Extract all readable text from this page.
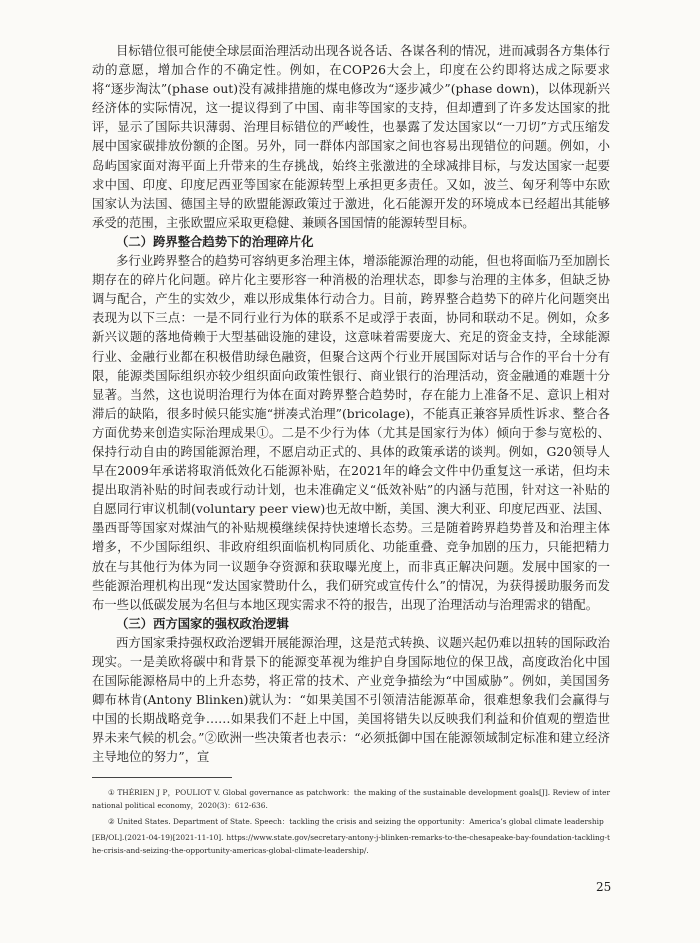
目标错位很可能使全球层面治理活动出现各说各话、各谋各利的情况，进而减弱各方集体行动的意愿，增加合作的不确定性。例如，在COP26大会上，印度在公约即将达成之际要求将“逐步淘汰”(phase out)没有减排措施的煤电修改为“逐步减少”(phase down)，以体现新兴经济体的实际情况，这一提议得到了中国、南非等国家的支持，但却遭到了许多发达国家的批评，显示了国际共识薄弱、治理目标错位的严峻性，也暴露了发达国家以“一刀切”方式压缩发展中国家碳排放份额的企图。另外，同一群体内部国家之间也容易出现错位的问题。例如，小岛屿国家面对海平面上升带来的生存挑战，始终主张激进的全球减排目标，与发达国家一起要求中国、印度、印度尼西亚等国家在能源转型上承担更多责任。又如，波兰、匈牙利等中东欧国家认为法国、德国主导的欧盟能源政策过于激进，化石能源开发的环境成本已经超出其能够承受的范围，主张欧盟应采取更稳健、兼顾各国国情的能源转型目标。

（二）跨界整合趋势下的治理碎片化

多行业跨界整合的趋势可容纳更多治理主体，增添能源治理的动能，但也将面临乃至加剧长期存在的碎片化问题。碎片化主要形容一种消极的治理状态，即参与治理的主体多，但缺乏协调与配合，产生的实效少，难以形成集体行动合力。目前，跨界整合趋势下的碎片化问题突出表现为以下三点：一是不同行业行为体的联系不足或浮于表面，协同和联动不足。例如，众多新兴议题的落地倚赖于大型基础设施的建设，这意味着需要庞大、充足的资金支持，全球能源行业、金融行业都在积极借助绿色融资，但聚合这两个行业开展国际对话与合作的平台十分有限，能源类国际组织亦较少组织面向政策性银行、商业银行的治理活动，资金融通的难题十分显著。当然，这也说明治理行为体在面对跨界整合趋势时，存在能力上准备不足、意识上相对滞后的缺陷，很多时候只能实施“拼凑式治理”(bricolage)，不能真正兼容异质性诉求、整合各方面优势来创造实际治理成果①。二是不少行为体（尤其是国家行为体）倾向于参与宽松的、保持行动自由的跨国能源治理，不愿启动正式的、具体的政策承诺的谈判。例如，G20领导人早在2009年承诺将取消低效化石能源补贴，在2021年的峰会文件中仍重复这一承诺，但均未提出取消补贴的时间表或行动计划，也未准确定义“低效补贴”的内涵与范围，针对这一补贴的自愿同行审议机制(voluntary peer view)也无故中断，美国、澳大利亚、印度尼西亚、法国、墨西哥等国家对煤油气的补贴规模继续保持快速增长态势。三是随着跨界趋势普及和治理主体增多，不少国际组织、非政府组织面临机构同质化、功能重叠、竞争加剧的压力，只能把精力放在与其他行为体为同一议题争夺资源和获取曝光度上，而非真正解决问题。发展中国家的一些能源治理机构出现“发达国家赞助什么，我们研究或宣传什么”的情况，为获得援助服务而发布一些以低碳发展为名但与本地区现实需求不符的报告，出现了治理活动与治理需求的错配。

（三）西方国家的强权政治逻辑

西方国家秉持强权政治逻辑开展能源治理，这是范式转换、议题兴起仍难以扭转的国际政治现实。一是美欧将碳中和背景下的能源变革视为维护自身国际地位的保卫战，高度政治化中国在国际能源格局中的上升态势，将正常的技术、产业竞争描绘为“中国威胁”。例如，美国国务卿布林肯(Antony Blinken)就认为：“如果美国不引领清洁能源革命，很难想象我们会赢得与中国的长期战略竞争……如果我们不赶上中国，美国将错失以反映我们利益和价值观的塑造世界未来气候的机会。”②欧洲一些决策者也表示：“必须抵御中国在能源领域制定标准和建立经济主导地位的努力”，宣

① THÉRIEN J P，POULIOT V. Global governance as patchwork：the making of the sustainable development goals[J]. Review of international political economy，2020(3)：612-636.

② United States. Department of State. Speech：tackling the crisis and seizing the opportunity：America’s global climate leadership

[EB/OL].(2021-04-19)[2021-11-10]. https://www.state.gov/secretary-antony-j-blinken-remarks-to-the-chesapeake-bay-foundation-tackling-the-crisis-and-seizing-the-opportunity-americas-global-climate-leadership/.

25
